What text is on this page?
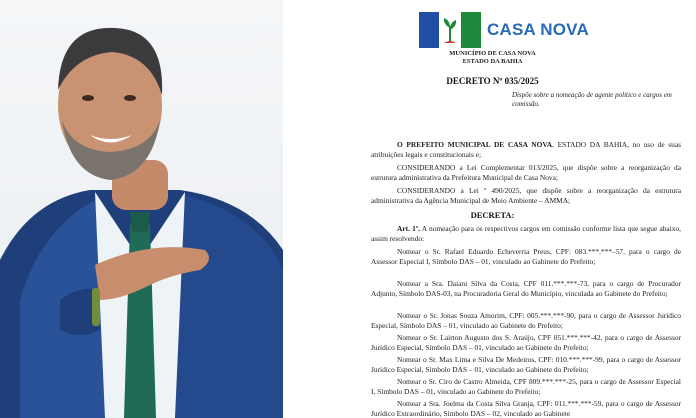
CASA NOVA
MUNICÍPIO DE CASA NOVA
ESTADO DA BAHIA
DECRETO Nº 035/2025
Dispõe sobre a nomeação de agente político e cargos em comissão.
O PREFEITO MUNICIPAL DE CASA NOVA, ESTADO DA BAHIA, no uso de suas atribuições legais e constitucionais e;
CONSIDERANDO a Lei Complementar 013/2025, que dispõe sobre a reorganização da estrutura administrativa da Prefeitura Municipal de Casa Nova;
CONSIDERANDO a Lei º 490/2025, que dispõe sobre a reorganização da estrutura administrativa da Agência Municipal de Meio Ambiente – AMMA;
DECRETA:
Art. 1º. A nomeação para os respectivos cargos em comissão conforme lista que segue abaixo, assim resolvendo:
Nomear o Sr. Rafael Eduardo Echeverria Preus, CPF: 083.***.***–57, para o cargo de Assessor Especial I, Símbolo DAS – 01, vinculado ao Gabinete do Prefeito;
Nomear a Sra. Daiani Silva da Costa, CPF 011.***.***-73, para o cargo de Procurador Adjunto, Símbolo DAS-03, na Procuradoria Geral do Município, vinculada ao Gabinete do Prefeito;
Nomear o Sr. Jonas Souza Amorim, CPF: 005.***.***-90, para o cargo de Assessor Jurídico Especial, Símbolo DAS – 01, vinculado ao Gabinete do Prefeito;
Nomear o Sr. Lairton Augusto dos S. Araújo, CPF 051.***.***-42, para o cargo de Assessor Jurídico Especial, Símbolo DAS – 01, vinculado ao Gabinete do Prefeito;
Nomear o Sr. Max Lima e Silva De Medeiros, CPF: 010.***.***-99, para o cargo de Assessor Jurídico Especial, Símbolo DAS – 01, vinculado ao Gabinete do Prefeito;
Nomear o Sr. Ciro de Castro Almeida, CPF 809.***.***-25, para o cargo de Assessor Especial I, Símbolo DAS – 01, vinculado ao Gabinete do Prefeito;
Nomear a Sra. Joelma da Costa Silva Granja, CPF: 011.***.***-59, para o cargo de Assessor Jurídico Extraordinário, Símbolo DAS – 02, vinculado ao Gabinete
